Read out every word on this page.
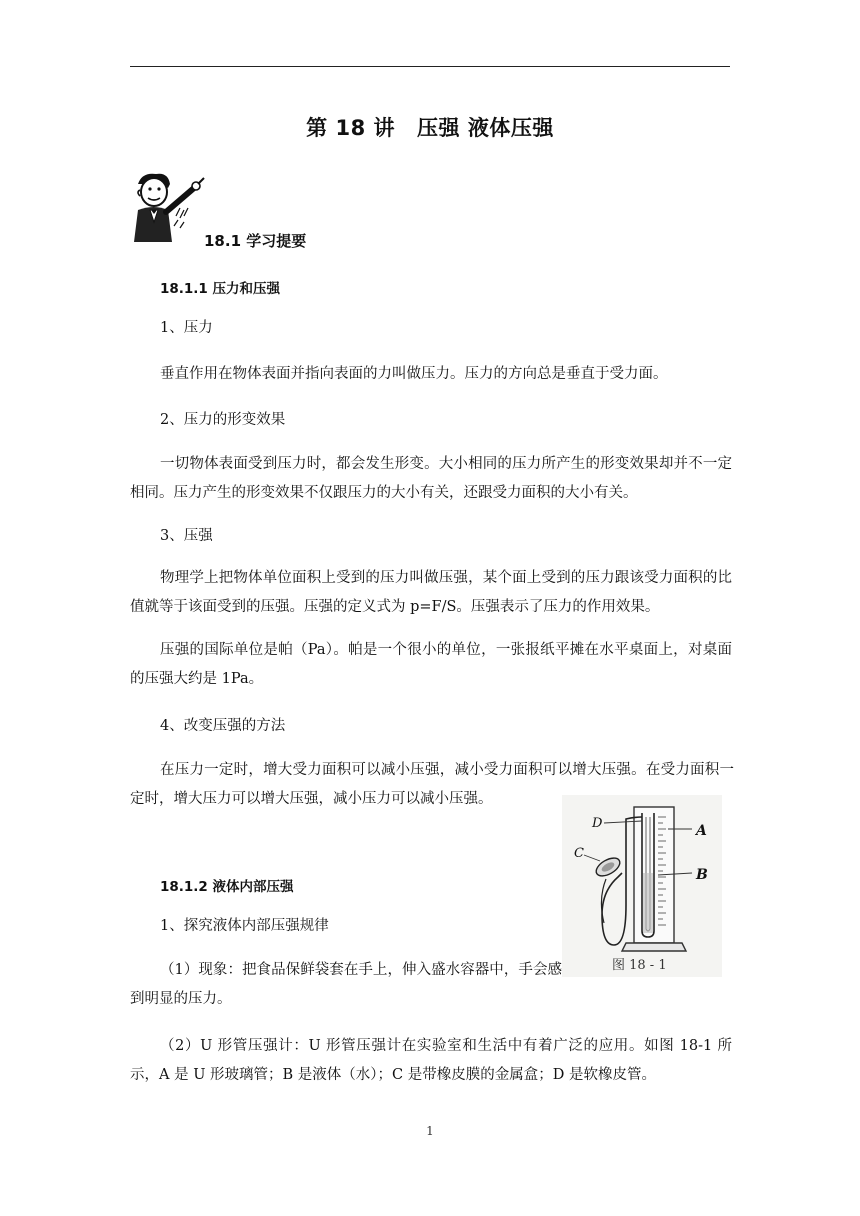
第 18 讲 压强 液体压强
18.1 学习提要
18.1.1 压力和压强
1、压力
垂直作用在物体表面并指向表面的力叫做压力。压力的方向总是垂直于受力面。
2、压力的形变效果
一切物体表面受到压力时，都会发生形变。大小相同的压力所产生的形变效果却并不一定相同。压力产生的形变效果不仅跟压力的大小有关，还跟受力面积的大小有关。
3、压强
物理学上把物体单位面积上受到的压力叫做压强，某个面上受到的压力跟该受力面积的比值就等于该面受到的压强。压强的定义式为 p=F/S。压强表示了压力的作用效果。
压强的国际单位是帕（Pa）。帕是一个很小的单位，一张报纸平摊在水平桌面上，对桌面的压强大约是 1Pa。
4、改变压强的方法
在压力一定时，增大受力面积可以减小压强，减小受力面积可以增大压强。在受力面积一定时，增大压力可以增大压强，减小压力可以减小压强。
D
C
A
B
图 18 - 1
18.1.2 液体内部压强
1、探究液体内部压强规律
（1）现象：把食品保鲜袋套在手上，伸入盛水容器中，手会感到明显的压力。
（2）U 形管压强计：U 形管压强计在实验室和生活中有着广泛的应用。如图 18-1 所示，A 是 U 形玻璃管；B 是液体（水）；C 是带橡皮膜的金属盒；D 是软橡皮管。
1
